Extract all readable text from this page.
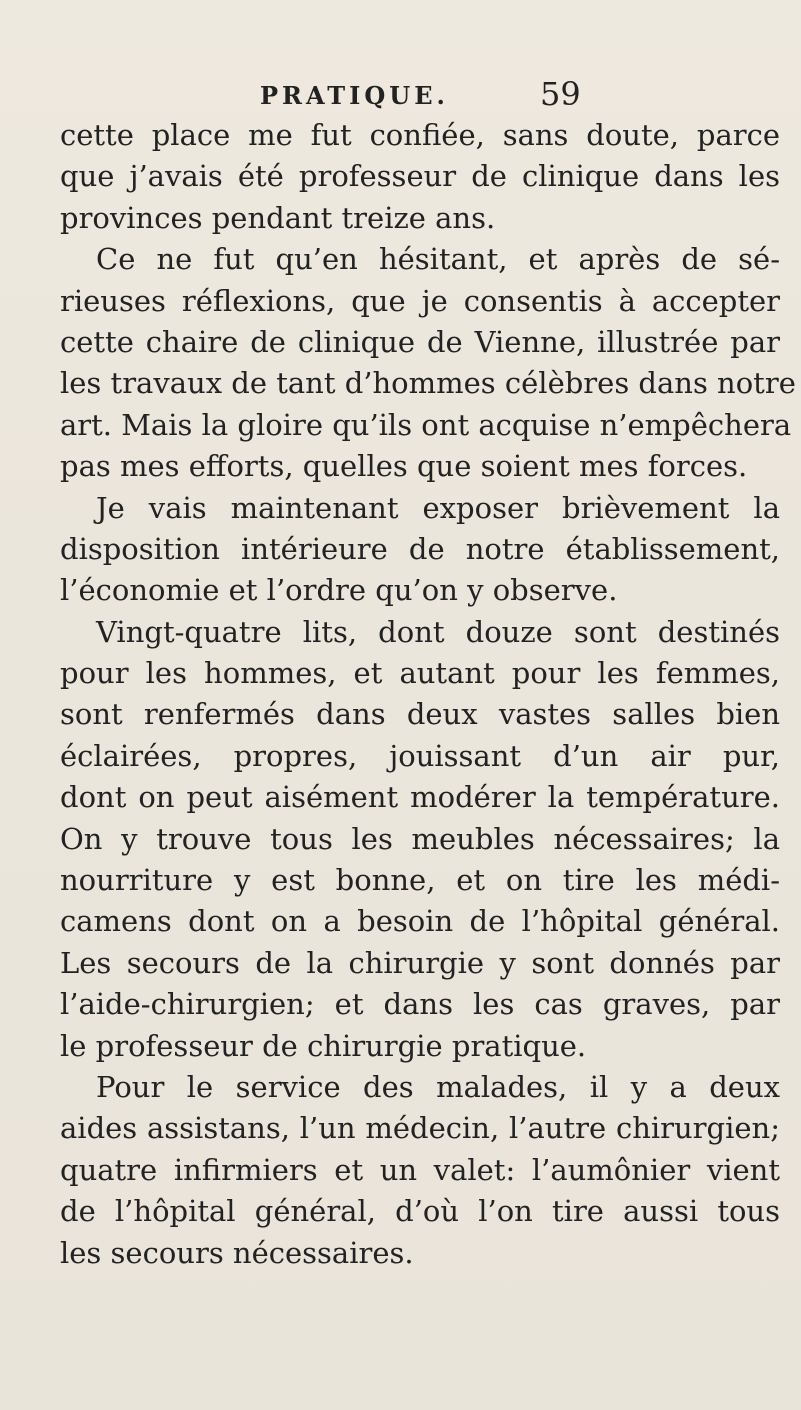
PRATIQUE.	59
cette place me fut confiée, sans doute, parce
que j’avais été professeur de clinique dans les
provinces pendant treize ans.
Ce ne fut qu’en hésitant, et après de sé-
rieuses réflexions, que je consentis à accepter
cette chaire de clinique de Vienne, illustrée par
les travaux de tant d’hommes célèbres dans notre
art. Mais la gloire qu’ils ont acquise n’empêchera
pas mes efforts, quelles que soient mes forces.
Je vais maintenant exposer brièvement la
disposition intérieure de notre établissement,
l’économie et l’ordre qu’on y observe.
Vingt-quatre lits, dont douze sont destinés
pour les hommes, et autant pour les femmes,
sont renfermés dans deux vastes salles bien
éclairées, propres, jouissant d’un air pur,
dont on peut aisément modérer la température.
On y trouve tous les meubles nécessaires; la
nourriture y est bonne, et on tire les médi-
camens dont on a besoin de l’hôpital général.
Les secours de la chirurgie y sont donnés par
l’aide-chirurgien; et dans les cas graves, par
le professeur de chirurgie pratique.
Pour le service des malades, il y a deux
aides assistans, l’un médecin, l’autre chirurgien;
quatre infirmiers et un valet: l’aumônier vient
de l’hôpital général, d’où l’on tire aussi tous
les secours nécessaires.
